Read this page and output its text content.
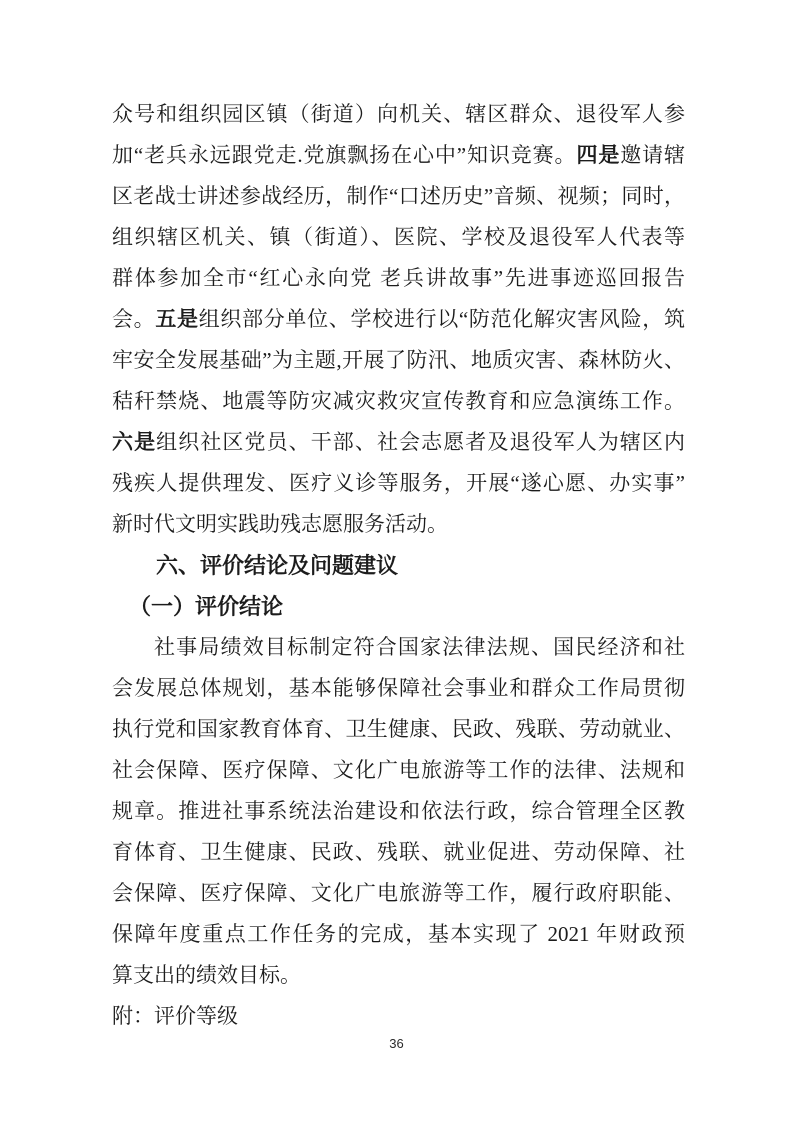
众号和组织园区镇（街道）向机关、辖区群众、退役军人参
加“老兵永远跟党走.党旗飘扬在心中”知识竞赛。四是邀请辖
区老战士讲述参战经历，制作“口述历史”音频、视频；同时，
组织辖区机关、镇（街道）、医院、学校及退役军人代表等
群体参加全市“红心永向党 老兵讲故事”先进事迹巡回报告
会。五是组织部分单位、学校进行以“防范化解灾害风险，筑
牢安全发展基础”为主题,开展了防汛、地质灾害、森林防火、
秸秆禁烧、地震等防灾减灾救灾宣传教育和应急演练工作。
六是组织社区党员、干部、社会志愿者及退役军人为辖区内
残疾人提供理发、医疗义诊等服务，开展“遂心愿、办实事”
新时代文明实践助残志愿服务活动。
六、评价结论及问题建议
（一）评价结论
社事局绩效目标制定符合国家法律法规、国民经济和社
会发展总体规划，基本能够保障社会事业和群众工作局贯彻
执行党和国家教育体育、卫生健康、民政、残联、劳动就业、
社会保障、医疗保障、文化广电旅游等工作的法律、法规和
规章。推进社事系统法治建设和依法行政，综合管理全区教
育体育、卫生健康、民政、残联、就业促进、劳动保障、社
会保障、医疗保障、文化广电旅游等工作，履行政府职能、
保障年度重点工作任务的完成，基本实现了 2021 年财政预
算支出的绩效目标。
附：评价等级
36
